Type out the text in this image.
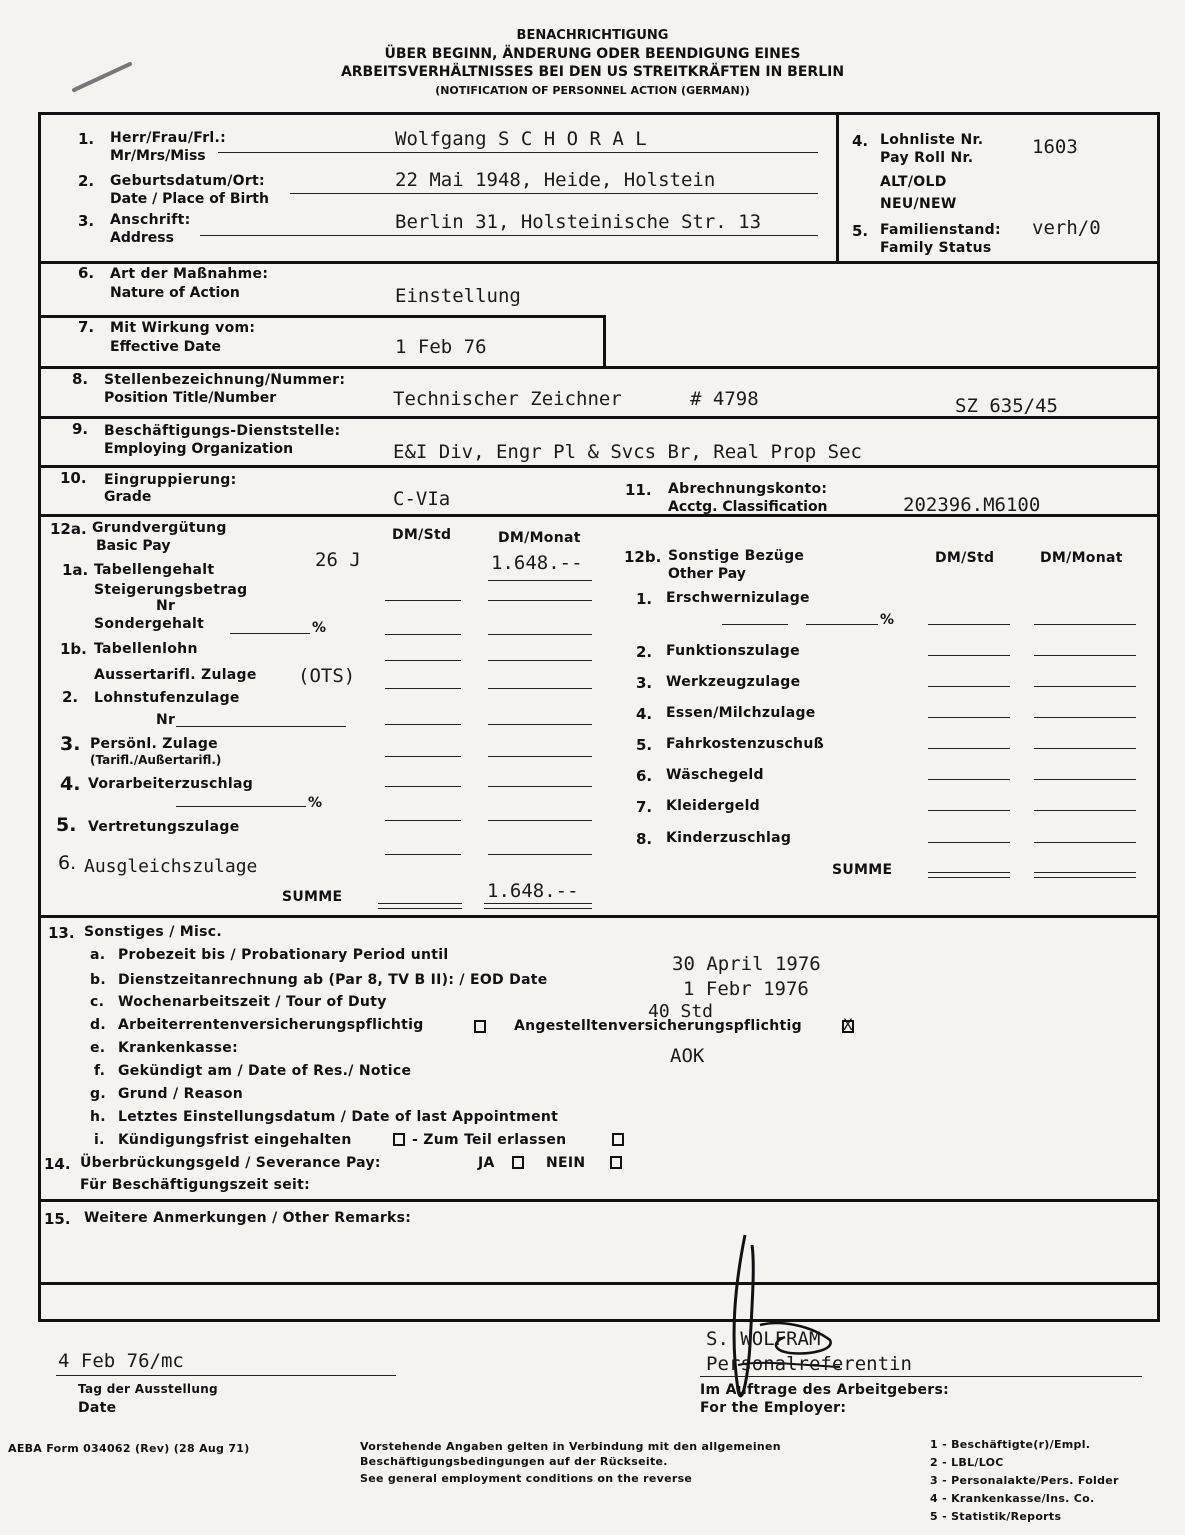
BENACHRICHTIGUNG
ÜBER BEGINN, ÄNDERUNG ODER BEENDIGUNG EINES
ARBEITSVERHÄLTNISSES BEI DEN US STREITKRÄFTEN IN BERLIN
(NOTIFICATION OF PERSONNEL ACTION (GERMAN))
1. Herr/Frau/Frl.:
Mr/Mrs/Miss
Wolfgang S C H O R A L
2. Geburtsdatum/Ort:
Date / Place of Birth
22 Mai 1948, Heide, Holstein
3. Anschrift:
Address
Berlin 31, Holsteinische Str. 13
4. Lohnliste Nr.
Pay Roll Nr.	1603
ALT/OLD
NEU/NEW
5. Familienstand:
Family Status
verh/0
6. Art der Maßnahme:
Nature of Action	Einstellung
7. Mit Wirkung vom:
Effective Date	1 Feb 76
8. Stellenbezeichnung/Nummer:
Position Title/Number	Technischer Zeichner	# 4798	SZ 635/45
9. Beschäftigungs-Dienststelle:
Employing Organization	E&I Div, Engr Pl & Svcs Br, Real Prop Sec
10. Eingruppierung:
Grade	C-VIa	11. Abrechnungskonto:
Acctg. Classification	202396.M6100
12a. Grundvergütung
Basic Pay
DM/Std	DM/Monat
1a. Tabellengehalt	26 J	1.648.--
Steigerungsbetrag
Nr
Sondergehalt	%
1b. Tabellenlohn
Aussertarifl. Zulage (OTS)
2. Lohnstufenzulage
Nr
3. Persönl. Zulage
(Tarifl./Außertarifl.)
4. Vorarbeiterzuschlag
%
5. Vertretungszulage
6. Ausgleichszulage
SUMME	1.648.--
12b. Sonstige Bezüge
Other Pay
DM/Std	DM/Monat
1. Erschwernizulage
%
2. Funktionszulage
3. Werkzeugzulage
4. Essen/Milchzulage
5. Fahrkostenzuschuß
6. Wäschegeld
7. Kleidergeld
8. Kinderzuschlag
SUMME
13. Sonstiges / Misc.
a. Probezeit bis / Probationary Period until	30 April 1976
b. Dienstzeitanrechnung ab (Par 8, TV B II): / EOD Date	1 Febr 1976
c. Wochenarbeitszeit / Tour of Duty	40 Std
d. Arbeiterrentenversicherungspflichtig	Angestelltenversicherungspflichtig	X
e. Krankenkasse:	AOK
f. Gekündigt am / Date of Res./ Notice
g. Grund / Reason
h. Letztes Einstellungsdatum / Date of last Appointment
i. Kündigungsfrist eingehalten	- Zum Teil erlassen
14. Überbrückungsgeld / Severance Pay:	JA	NEIN
Für Beschäftigungszeit seit:
15. Weitere Anmerkungen / Other Remarks:
S. WOLFRAM
Personalreferentin
Im Auftrage des Arbeitgebers:
For the Employer:
4 Feb 76/mc
Tag der Ausstellung
Date
AEBA Form 034062 (Rev) (28 Aug 71)	Vorstehende Angaben gelten in Verbindung mit den allgemeinen
Beschäftigungsbedingungen auf der Rückseite.
See general employment conditions on the reverse
1 - Beschäftigte(r)/Empl.
2 - LBL/LOC
3 - Personalakte/Pers. Folder
4 - Krankenkasse/Ins. Co.
5 - Statistik/Reports
